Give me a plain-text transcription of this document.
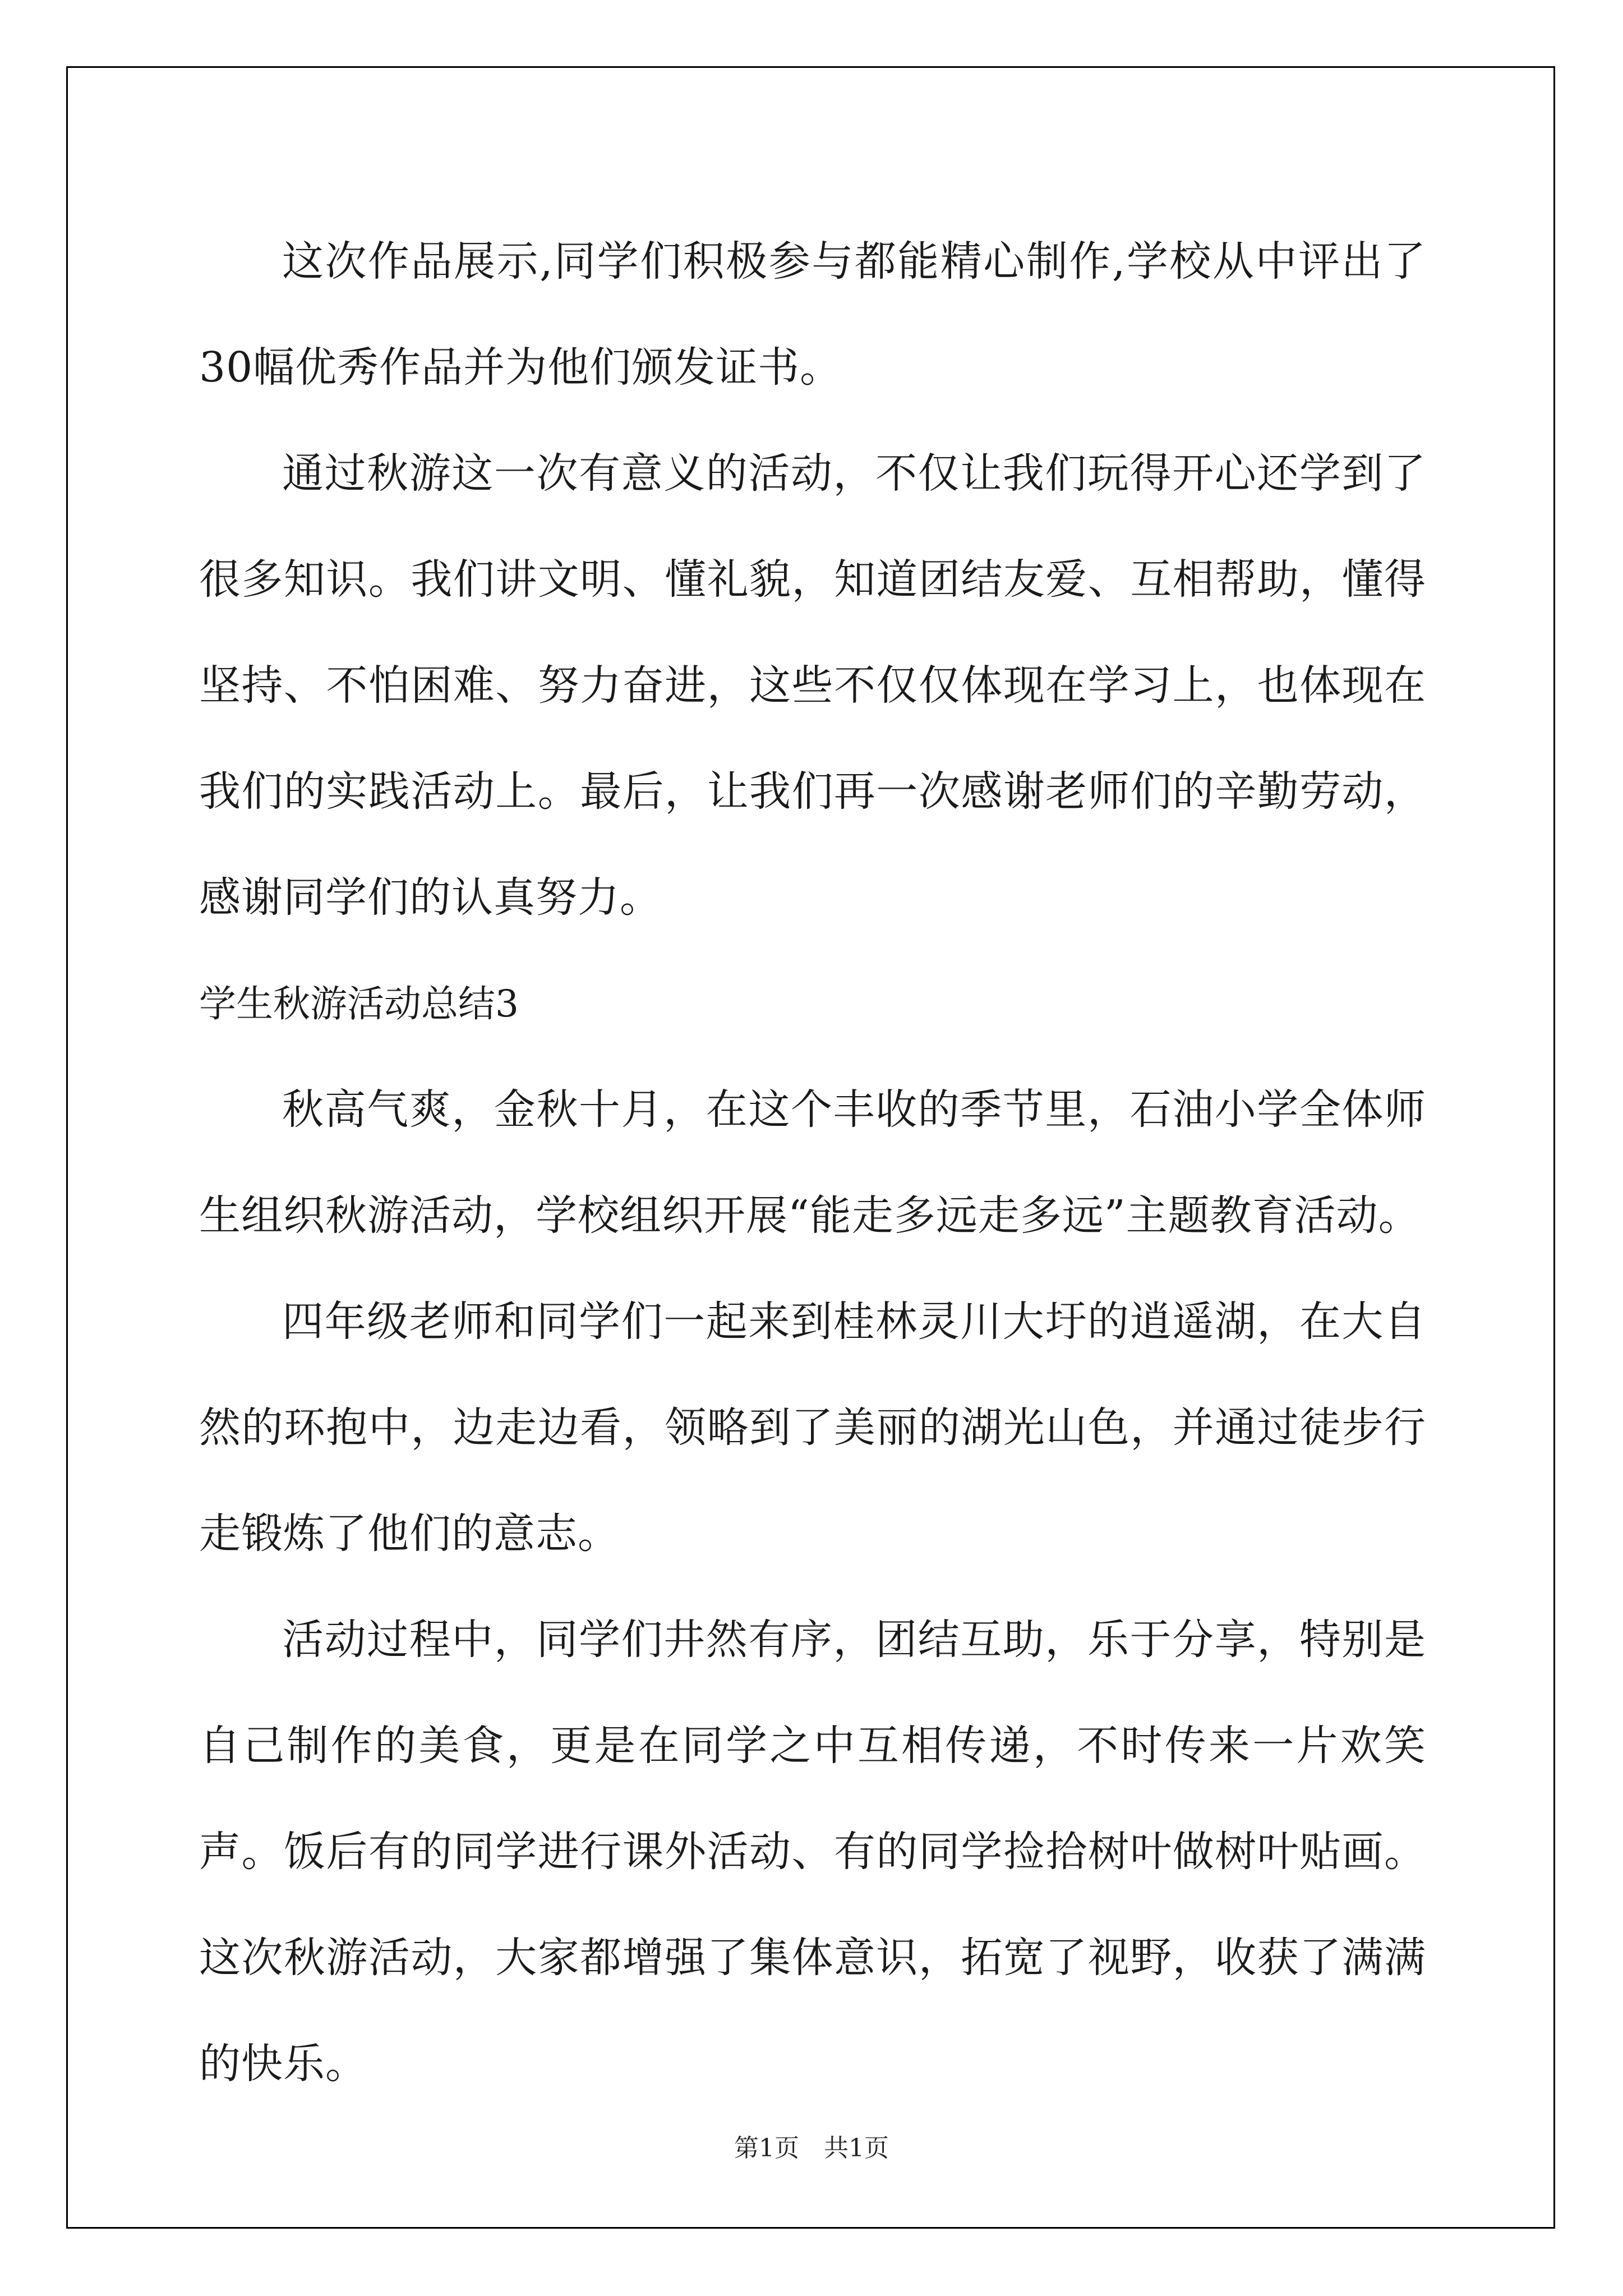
这次作品展示,同学们积极参与都能精心制作,学校从中评出了30幅优秀作品并为他们颁发证书。

通过秋游这一次有意义的活动，不仅让我们玩得开心还学到了很多知识。我们讲文明、懂礼貌，知道团结友爱、互相帮助，懂得坚持、不怕困难、努力奋进，这些不仅仅体现在学习上，也体现在我们的实践活动上。最后，让我们再一次感谢老师们的辛勤劳动，感谢同学们的认真努力。

学生秋游活动总结3

秋高气爽，金秋十月，在这个丰收的季节里，石油小学全体师生组织秋游活动，学校组织开展“能走多远走多远”主题教育活动。

四年级老师和同学们一起来到桂林灵川大圩的逍遥湖，在大自然的环抱中，边走边看，领略到了美丽的湖光山色，并通过徒步行走锻炼了他们的意志。

活动过程中，同学们井然有序，团结互助，乐于分享，特别是自己制作的美食，更是在同学之中互相传递，不时传来一片欢笑声。饭后有的同学进行课外活动、有的同学捡拾树叶做树叶贴画。这次秋游活动，大家都增强了集体意识，拓宽了视野，收获了满满的快乐。

第1页　共1页
